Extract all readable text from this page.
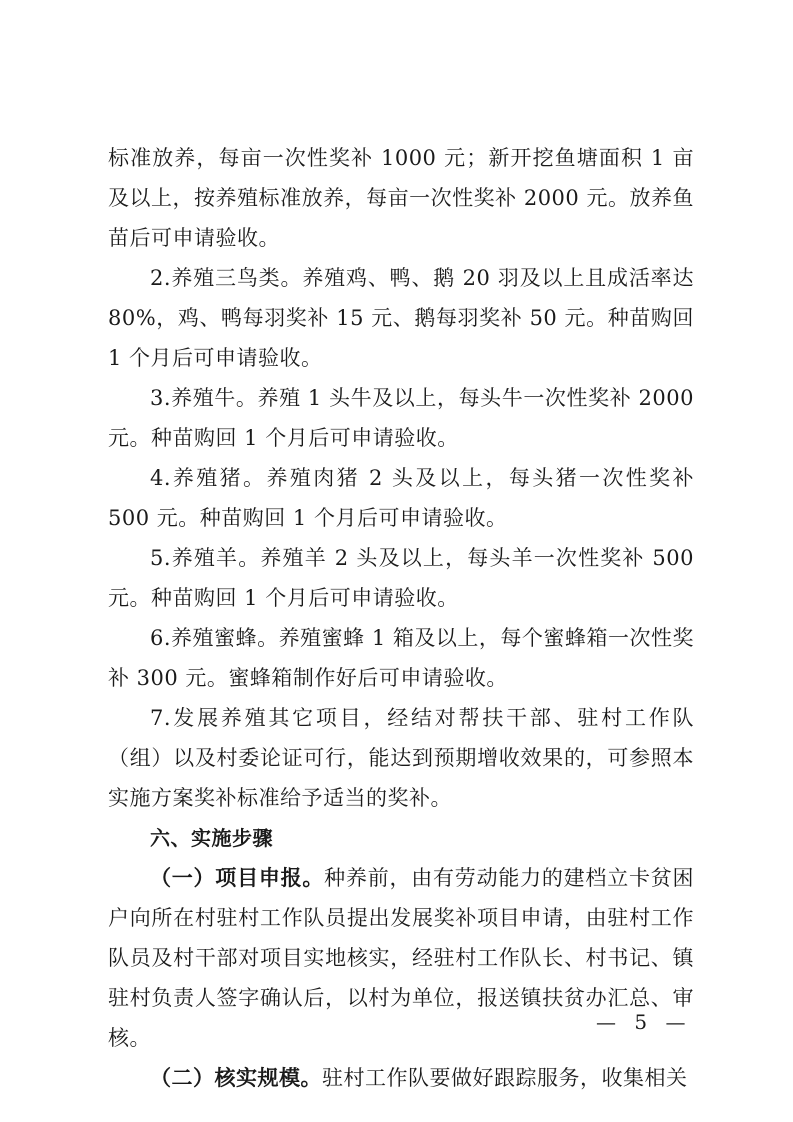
标准放养，每亩一次性奖补 1000 元；新开挖鱼塘面积 1 亩及以上，按养殖标准放养，每亩一次性奖补 2000 元。放养鱼苗后可申请验收。

2.养殖三鸟类。养殖鸡、鸭、鹅 20 羽及以上且成活率达 80%，鸡、鸭每羽奖补 15 元、鹅每羽奖补 50 元。种苗购回 1 个月后可申请验收。

3.养殖牛。养殖 1 头牛及以上，每头牛一次性奖补 2000 元。种苗购回 1 个月后可申请验收。

4.养殖猪。养殖肉猪 2 头及以上，每头猪一次性奖补 500 元。种苗购回 1 个月后可申请验收。

5.养殖羊。养殖羊 2 头及以上，每头羊一次性奖补 500 元。种苗购回 1 个月后可申请验收。

6.养殖蜜蜂。养殖蜜蜂 1 箱及以上，每个蜜蜂箱一次性奖补 300 元。蜜蜂箱制作好后可申请验收。

7.发展养殖其它项目，经结对帮扶干部、驻村工作队（组）以及村委论证可行，能达到预期增收效果的，可参照本实施方案奖补标准给予适当的奖补。

六、实施步骤

（一）项目申报。种养前，由有劳动能力的建档立卡贫困户向所在村驻村工作队员提出发展奖补项目申请，由驻村工作队员及村干部对项目实地核实，经驻村工作队长、村书记、镇驻村负责人签字确认后，以村为单位，报送镇扶贫办汇总、审核。

（二）核实规模。驻村工作队要做好跟踪服务，收集相关

— 5 —
